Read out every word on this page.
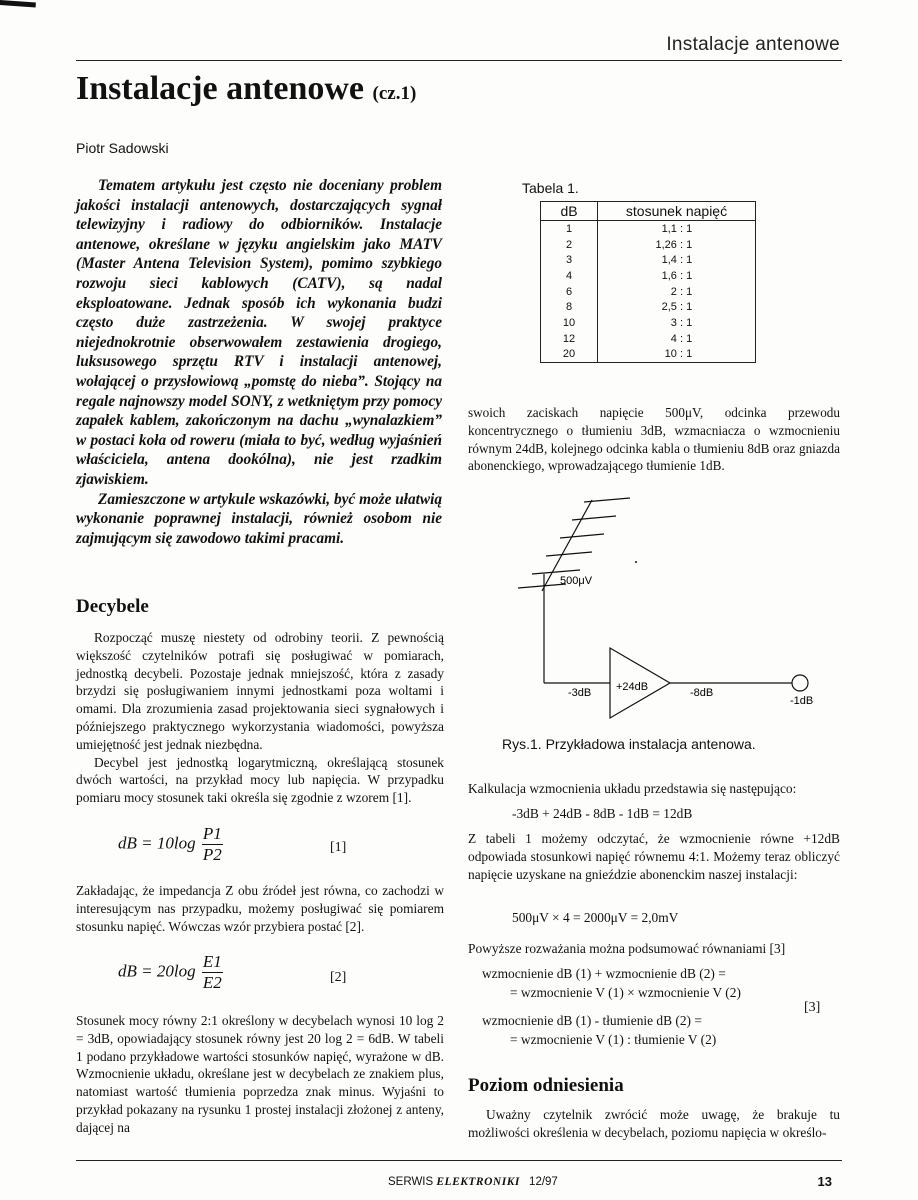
Instalacje antenowe
Instalacje antenowe (cz.1)
Piotr Sadowski

Tematem artykułu jest często nie doceniany problem jakości instalacji antenowych, dostarczających sygnał telewizyjny i radiowy do odbiorników. Instalacje antenowe, określane w języku angielskim jako MATV (Master Antena Television System), pomimo szybkiego rozwoju sieci kablowych (CATV), są nadal eksploatowane. Jednak sposób ich wykonania budzi często duże zastrzeżenia. W swojej praktyce niejednokrotnie obserwowałem zestawienia drogiego, luksusowego sprzętu RTV i instalacji antenowej, wołającej o przysłowiową „pomstę do nieba”. Stojący na regale najnowszy model SONY, z wetkniętym przy pomocy zapałek kablem, zakończonym na dachu „wynalazkiem” w postaci koła od roweru (miała to być, według wyjaśnień właściciela, antena dookólna), nie jest rzadkim zjawiskiem.

Zamieszczone w artykule wskazówki, być może ułatwią wykonanie poprawnej instalacji, również osobom nie zajmującym się zawodowo takimi pracami.

Decybele

Rozpocząć muszę niestety od odrobiny teorii. Z pewnością większość czytelników potrafi się posługiwać w pomiarach, jednostką decybeli. Pozostaje jednak mniejszość, która z zasady brzydzi się posługiwaniem innymi jednostkami poza woltami i omami. Dla zrozumienia zasad projektowania sieci sygnałowych i późniejszego praktycznego wykorzystania wiadomości, powyższa umiejętność jest jednak niezbędna.

Decybel jest jednostką logarytmiczną, określającą stosunek dwóch wartości, na przykład mocy lub napięcia. W przypadku pomiaru mocy stosunek taki określa się zgodnie z wzorem [1].

dB = $10\log \frac{P1}{P2}$	[1]

Zakładając, że impedancja Z obu źródeł jest równa, co zachodzi w interesującym nas przypadku, możemy posługiwać się pomiarem stosunku napięć. Wówczas wzór przybiera postać [2].

dB = $20\log \frac{E1}{E2}$	[2]

Stosunek mocy równy 2:1 określony w decybelach wynosi 10 log 2 = 3dB, opowiadający stosunek równy jest 20 log 2 = 6dB. W tabeli 1 podano przykładowe wartości stosunków napięć, wyrażone w dB. Wzmocnienie układu, określane jest w decybelach ze znakiem plus, natomiast wartość tłumienia poprzedza znak minus. Wyjaśni to przykład pokazany na rysunku 1 prostej instalacji złożonej z anteny, dającej na

Tabela 1.
dB	stosunek napięć
1	1,1 : 1
2	1,26 : 1
3	1,4 : 1
4	1,6 : 1
6	2 : 1
8	2,5 : 1
10	3 : 1
12	4 : 1
20	10 : 1

swoich zaciskach napięcie 500μV, odcinka przewodu koncentrycznego o tłumieniu 3dB, wzmacniacza o wzmocnieniu równym 24dB, kolejnego odcinka kabla o tłumieniu 8dB oraz gniazda abonenckiego, wprowadzającego tłumienie 1dB.

500μV
-3dB +24dB	-8dB
-1dB
Rys.1. Przykładowa instalacja antenowa.

Kalkulacja wzmocnienia układu przedstawia się następująco:

-3dB + 24dB - 8dB - 1dB = 12dB

Z tabeli 1 możemy odczytać, że wzmocnienie równe +12dB odpowiada stosunkowi napięć równemu 4:1. Możemy teraz obliczyć napięcie uzyskane na gnieździe abonenckim naszej instalacji:

500μV × 4 = 2000μV = 2,0mV

Powyższe rozważania można podsumować równaniami [3]

wzmocnienie dB (1) + wzmocnienie dB (2) =
= wzmocnienie V (1) × wzmocnienie V (2)
wzmocnienie dB (1) - tłumienie dB (2) =
= wzmocnienie V (1) : tłumienie V (2)
[3]
Poziom odniesienia

Uważny czytelnik zwrócić może uwagę, że brakuje tu możliwości określenia w decybelach, poziomu napięcia w określo-

SERWIS ELEKTRONIKI 12/97	13
